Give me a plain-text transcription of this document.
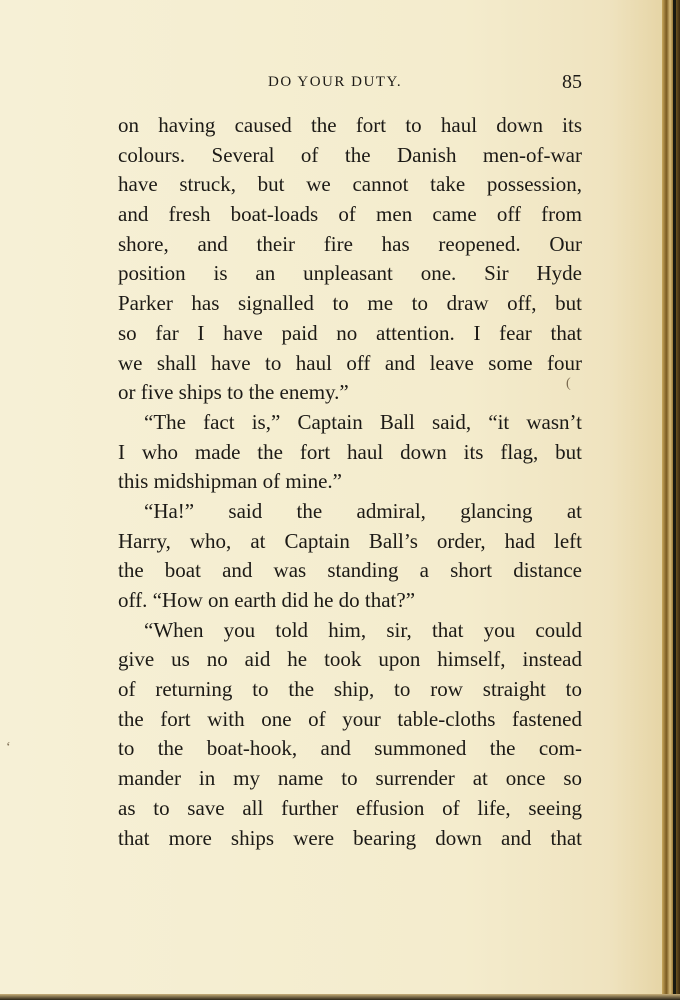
DO YOUR DUTY.	85
on having caused the fort to haul down its
colours. Several of the Danish men-of-war
have struck, but we cannot take possession,
and fresh boat-loads of men came off from
shore, and their fire has reopened. Our
position is an unpleasant one. Sir Hyde
Parker has signalled to me to draw off, but
so far I have paid no attention. I fear that
we shall have to haul off and leave some four
or five ships to the enemy.”
“The fact is,” Captain Ball said, “it wasn’t
I who made the fort haul down its flag, but
this midshipman of mine.”
“Ha!” said the admiral, glancing at
Harry, who, at Captain Ball’s order, had left
the boat and was standing a short distance
off. “How on earth did he do that?”
“When you told him, sir, that you could
give us no aid he took upon himself, instead
of returning to the ship, to row straight to
the fort with one of your table-cloths fastened
to the boat-hook, and summoned the com-
mander in my name to surrender at once so
as to save all further effusion of life, seeing
that more ships were bearing down and that
(
‘
